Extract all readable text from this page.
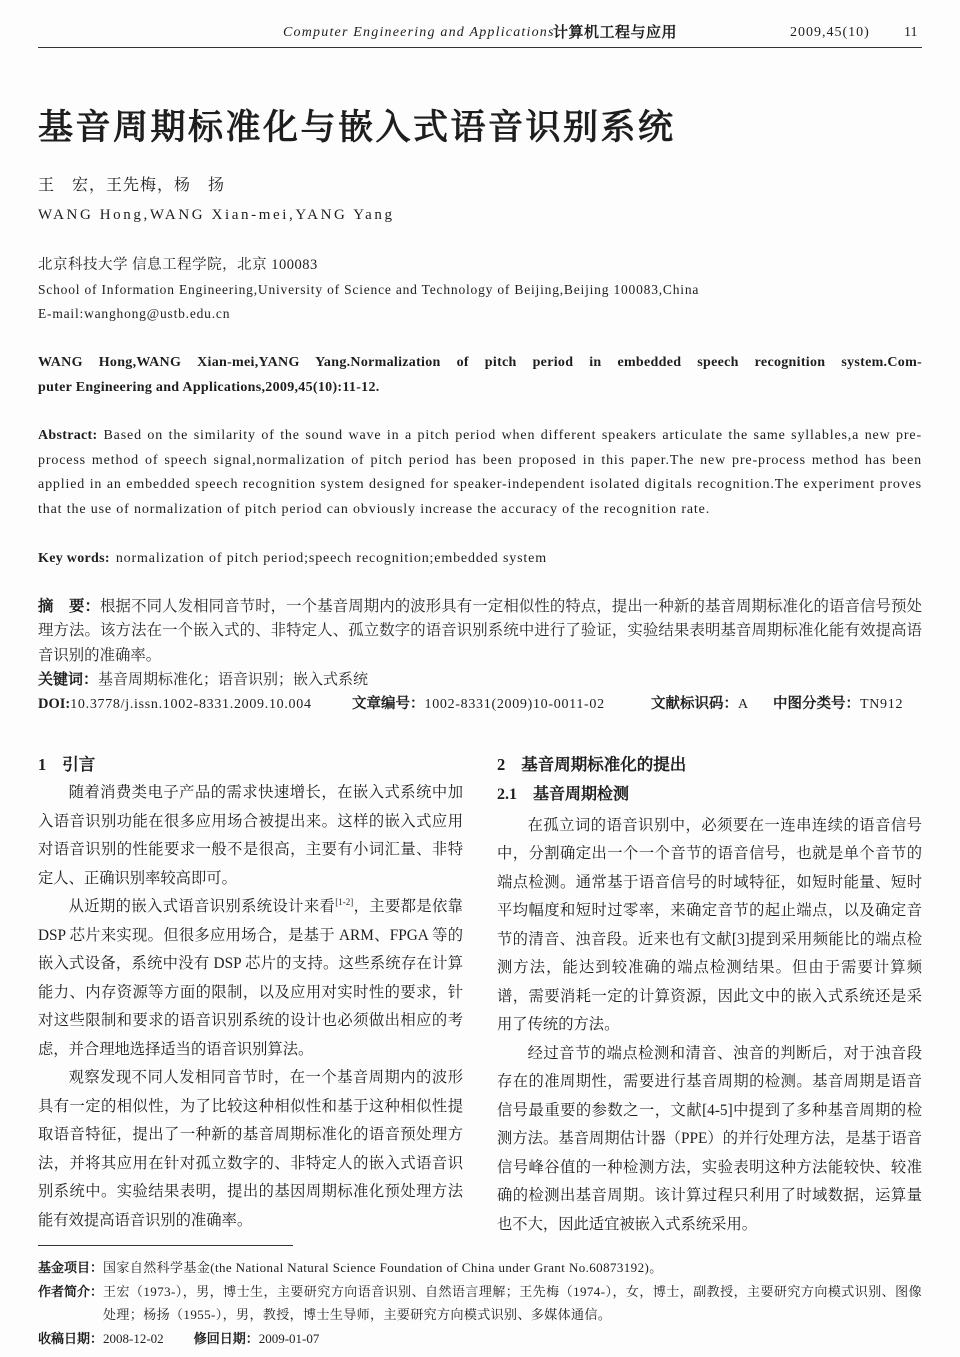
Computer Engineering and Applications
计算机工程与应用	2009,45(10) 11
基音周期标准化与嵌入式语音识别系统
王　宏，王先梅，杨　扬
WANG Hong,WANG Xian-mei,YANG Yang
北京科技大学 信息工程学院，北京 100083
School of Information Engineering,University of Science and Technology of Beijing,Beijing 100083,China
E-mail:wanghong@ustb.edu.cn
WANG Hong,WANG Xian-mei,YANG Yang.Normalization of pitch period in embedded speech recognition system.Com-
puter Engineering and Applications,2009,45(10):11-12.

Abstract: Based on the similarity of the sound wave in a pitch period when different speakers articulate the same syllables,a new pre-process method of speech signal,normalization of pitch period has been proposed in this paper.The new pre-process method has been applied in an embedded speech recognition system designed for speaker-independent isolated digitals recognition.The experiment proves that the use of normalization of pitch period can obviously increase the accuracy of the recognition rate.

Key words: normalization of pitch period;speech recognition;embedded system

摘　要：根据不同人发相同音节时，一个基音周期内的波形具有一定相似性的特点，提出一种新的基音周期标准化的语音信号预处理方法。该方法在一个嵌入式的、非特定人、孤立数字的语音识别系统中进行了验证，实验结果表明基音周期标准化能有效提高语音识别的准确率。

关键词：基音周期标准化；语音识别；嵌入式系统

DOI:10.3778/j.issn.1002-8331.2009.10.004	文章编号：1002-8331(2009)10-0011-02	文献标识码：A 中图分类号：TN912
1 引言

随着消费类电子产品的需求快速增长，在嵌入式系统中加入语音识别功能在很多应用场合被提出来。这样的嵌入式应用对语音识别的性能要求一般不是很高，主要有小词汇量、非特定人、正确识别率较高即可。

从近期的嵌入式语音识别系统设计来看[1-2]，主要都是依靠 DSP 芯片来实现。但很多应用场合，是基于 ARM、FPGA 等的嵌入式设备，系统中没有 DSP 芯片的支持。这些系统存在计算能力、内存资源等方面的限制，以及应用对实时性的要求，针对这些限制和要求的语音识别系统的设计也必须做出相应的考虑，并合理地选择适当的语音识别算法。

观察发现不同人发相同音节时，在一个基音周期内的波形具有一定的相似性，为了比较这种相似性和基于这种相似性提取语音特征，提出了一种新的基音周期标准化的语音预处理方法，并将其应用在针对孤立数字的、非特定人的嵌入式语音识别系统中。实验结果表明，提出的基因周期标准化预处理方法能有效提高语音识别的准确率。

2 基音周期标准化的提出
2.1 基音周期检测

在孤立词的语音识别中，必须要在一连串连续的语音信号中，分割确定出一个一个音节的语音信号，也就是单个音节的端点检测。通常基于语音信号的时域特征，如短时能量、短时平均幅度和短时过零率，来确定音节的起止端点，以及确定音节的清音、浊音段。近来也有文献[3]提到采用频能比的端点检测方法，能达到较准确的端点检测结果。但由于需要计算频谱，需要消耗一定的计算资源，因此文中的嵌入式系统还是采用了传统的方法。

经过音节的端点检测和清音、浊音的判断后，对于浊音段存在的准周期性，需要进行基音周期的检测。基音周期是语音信号最重要的参数之一，文献[4-5]中提到了多种基音周期的检测方法。基音周期估计器（PPE）的并行处理方法，是基于语音信号峰谷值的一种检测方法，实验表明这种方法能较快、较准确的检测出基音周期。该计算过程只利用了时域数据，运算量也不大，因此适宜被嵌入式系统采用。

基金项目： 国家自然科学基金(the National Natural Science Foundation of China under Grant No.60873192)。
作者简介： 王宏（1973-），男，博士生，主要研究方向语音识别、自然语言理解；王先梅（1974-），女，博士，副教授，主要研究方向模式识别、图像处理；杨扬（1955-），男，教授，博士生导师，主要研究方向模式识别、多媒体通信。
收稿日期：2008-12-02 修回日期：2009-01-07
